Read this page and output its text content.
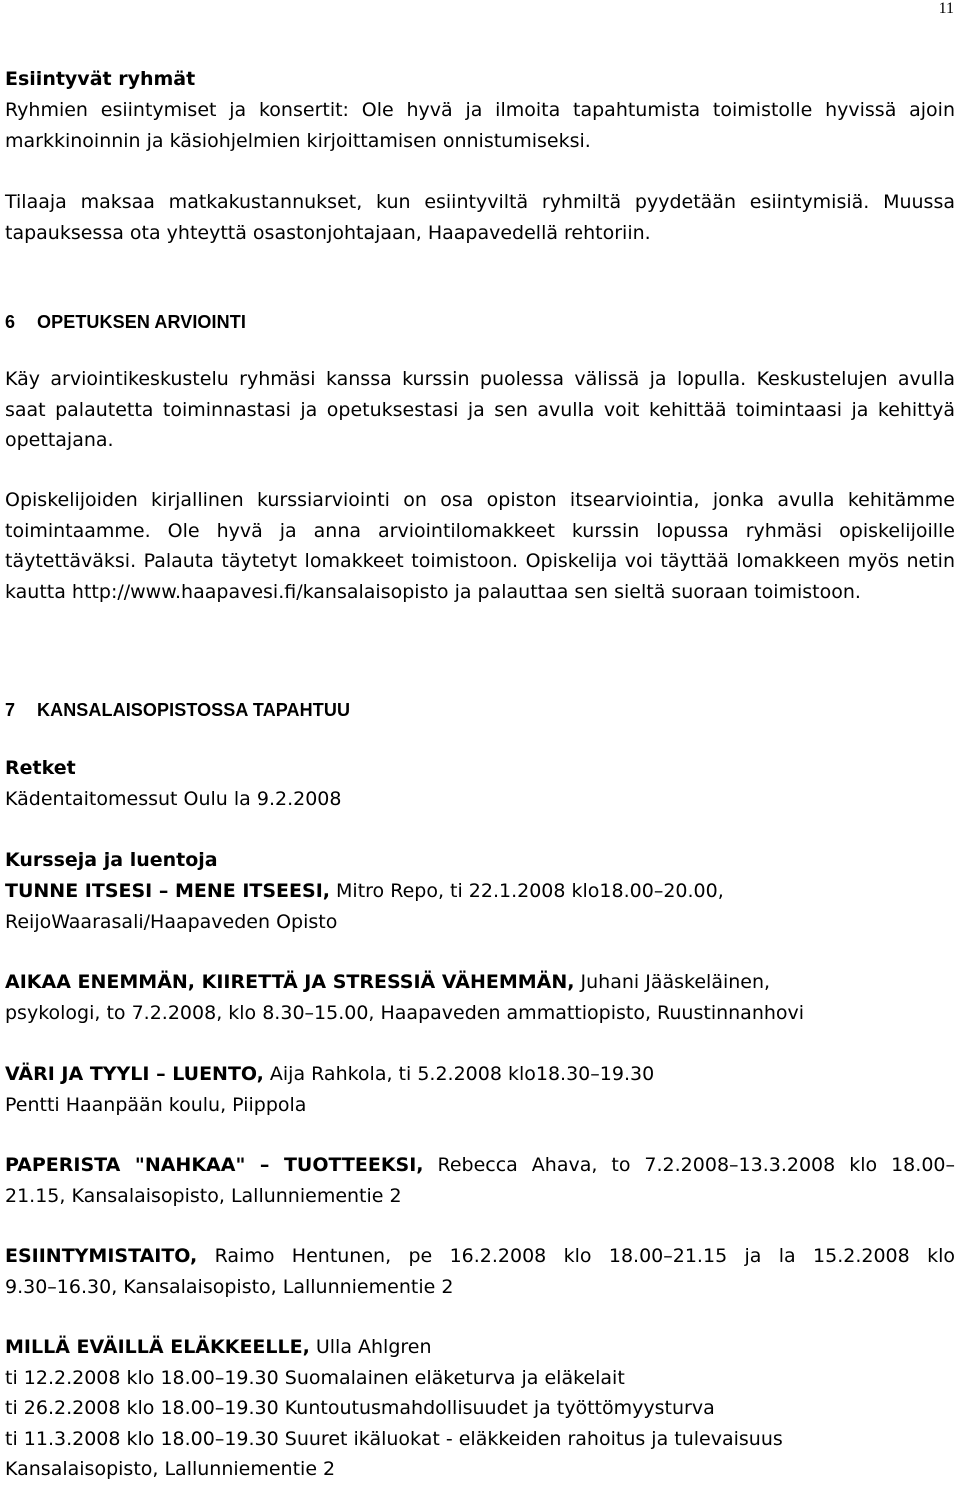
11
Esiintyvät ryhmät

Ryhmien esiintymiset ja konsertit: Ole hyvä ja ilmoita tapahtumista toimistolle hyvissä ajoin markkinoinnin ja käsiohjelmien kirjoittamisen onnistumiseksi.

Tilaaja maksaa matkakustannukset, kun esiintyviltä ryhmiltä pyydetään esiintymisiä. Muussa tapauksessa ota yhteyttä osastonjohtajaan, Haapavedellä rehtoriin.

6 OPETUKSEN ARVIOINTI

Käy arviointikeskustelu ryhmäsi kanssa kurssin puolessa välissä ja lopulla. Keskustelujen avulla saat palautetta toiminnastasi ja opetuksestasi ja sen avulla voit kehittää toimintaasi ja kehittyä opettajana.

Opiskelijoiden kirjallinen kurssiarviointi on osa opiston itsearviointia, jonka avulla kehitämme toimintaamme. Ole hyvä ja anna arviointilomakkeet kurssin lopussa ryhmäsi opiskelijoille täytettäväksi. Palauta täytetyt lomakkeet toimistoon. Opiskelija voi täyttää lomakkeen myös netin kautta http://www.haapavesi.fi/kansalaisopisto ja palauttaa sen sieltä suoraan toimistoon.

7 KANSALAISOPISTOSSA TAPAHTUU
Retket
Kädentaitomessut Oulu la 9.2.2008
Kursseja ja luentoja
TUNNE ITSESI – MENE ITSEESI, Mitro Repo, ti 22.1.2008 klo18.00–20.00,
ReijoWaarasali/Haapaveden Opisto
AIKAA ENEMMÄN, KIIRETTÄ JA STRESSIÄ VÄHEMMÄN, Juhani Jääskeläinen,
psykologi, to 7.2.2008, klo 8.30–15.00, Haapaveden ammattiopisto, Ruustinnanhovi
VÄRI JA TYYLI – LUENTO, Aija Rahkola, ti 5.2.2008 klo18.30–19.30
Pentti Haanpään koulu, Piippola
PAPERISTA "NAHKAA" – TUOTTEEKSI, Rebecca Ahava, to 7.2.2008–13.3.2008 klo 18.00–
21.15, Kansalaisopisto, Lallunniementie 2
ESIINTYMISTAITO, Raimo Hentunen, pe 16.2.2008 klo 18.00–21.15 ja la 15.2.2008 klo
9.30–16.30, Kansalaisopisto, Lallunniementie 2
MILLÄ EVÄILLÄ ELÄKKEELLE, Ulla Ahlgren
ti 12.2.2008 klo 18.00–19.30 Suomalainen eläketurva ja eläkelait
ti 26.2.2008 klo 18.00–19.30 Kuntoutusmahdollisuudet ja työttömyysturva
ti 11.3.2008 klo 18.00–19.30 Suuret ikäluokat - eläkkeiden rahoitus ja tulevaisuus
Kansalaisopisto, Lallunniementie 2
